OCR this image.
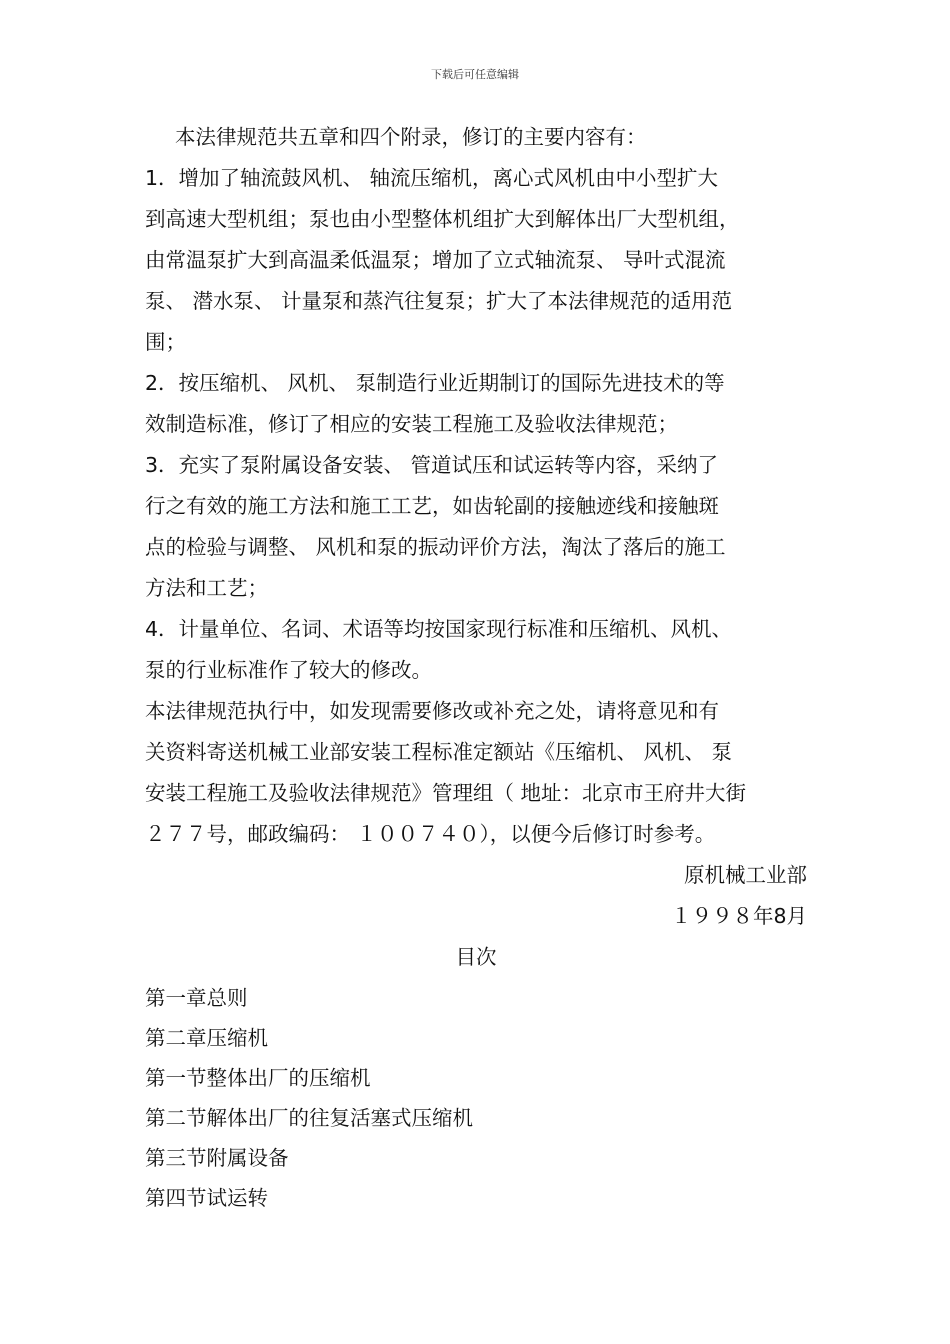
下载后可任意编辑

本法律规范共五章和四个附录，修订的主要内容有：

1．增加了轴流鼓风机、 轴流压缩机，离心式风机由中小型扩大

到高速大型机组；泵也由小型整体机组扩大到解体出厂大型机组，

由常温泵扩大到高温柔低温泵；增加了立式轴流泵、 导叶式混流

泵、 潜水泵、 计量泵和蒸汽往复泵；扩大了本法律规范的适用范

围；

2．按压缩机、 风机、 泵制造行业近期制订的国际先进技术的等

效制造标准，修订了相应的安装工程施工及验收法律规范；

3．充实了泵附属设备安装、 管道试压和试运转等内容，采纳了

行之有效的施工方法和施工工艺，如齿轮副的接触迹线和接触斑

点的检验与调整、 风机和泵的振动评价方法，淘汰了落后的施工

方法和工艺；

4．计量单位、名词、术语等均按国家现行标准和压缩机、风机、

泵的行业标准作了较大的修改。

本法律规范执行中，如发现需要修改或补充之处，请将意见和有

关资料寄送机械工业部安装工程标准定额站《压缩机、 风机、 泵

安装工程施工及验收法律规范》管理组（ 地址：北京市王府井大街

２７７号，邮政编码： １００７４０），以便今后修订时参考。

原机械工业部

１９９８年8月

目次

第一章总则

第二章压缩机

第一节整体出厂的压缩机

第二节解体出厂的往复活塞式压缩机

第三节附属设备

第四节试运转
